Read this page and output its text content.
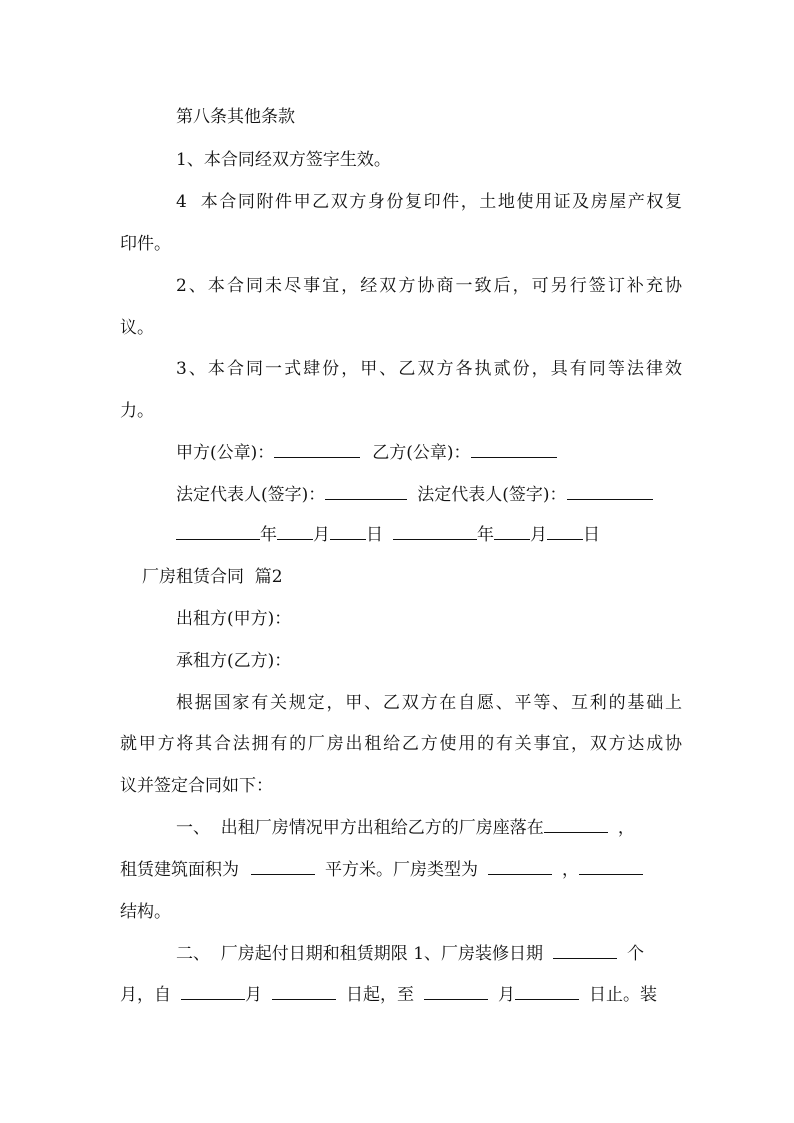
第八条其他条款
1、本合同经双方签字生效。
4  本合同附件甲乙双方身份复印件，土地使用证及房屋产权复
印件。
2、本合同未尽事宜，经双方协商一致后，可另行签订补充协
议。
3、本合同一式肆份，甲、乙双方各执贰份，具有同等法律效
力。
甲方(公章)：	乙方(公章)：
法定代表人(签字)：	法定代表人(签字)：
年 月 日	年 月 日
厂房租赁合同  篇2
出租方(甲方)：
承租方(乙方)：
根据国家有关规定，甲、乙双方在自愿、平等、互利的基础上
就甲方将其合法拥有的厂房出租给乙方使用的有关事宜，双方达成协
议并签定合同如下：
一、  出租厂房情况甲方出租给乙方的厂房座落在	，
租赁建筑面积为	平方米。厂房类型为	，
结构。
二、  厂房起付日期和租赁期限 1、厂房装修日期	个
月，自	月	日起，至	月	日止。装
